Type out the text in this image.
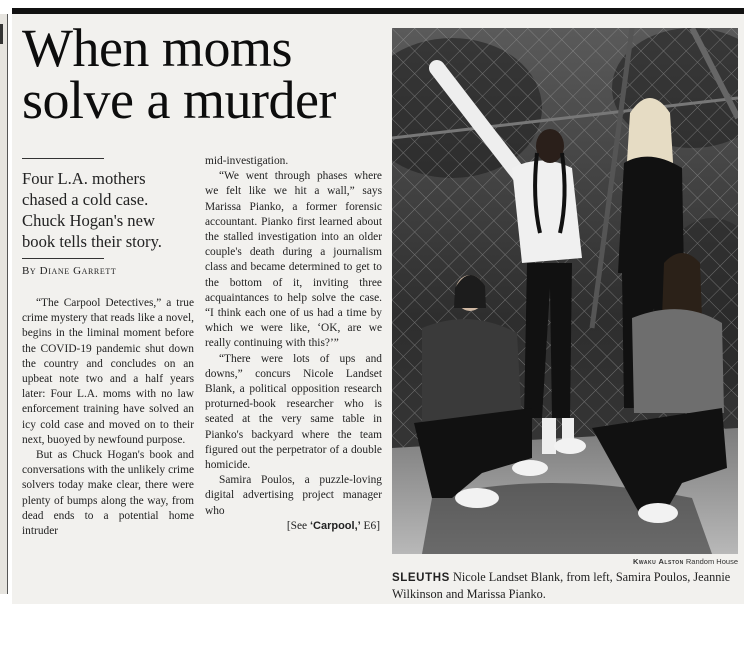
When moms
solve a murder
Four L.A. mothers chased a cold case. Chuck Hogan's new book tells their story.
By Diane Garrett

“The Carpool Detectives,” a true crime mystery that reads like a novel, begins in the liminal moment before the COVID-19 pandemic shut down the country and concludes on an upbeat note two and a half years later: Four L.A. moms with no law enforcement training have solved an icy cold case and moved on to their next, buoyed by newfound purpose.

But as Chuck Hogan's book and conversations with the unlikely crime solvers today make clear, there were plenty of bumps along the way, from dead ends to a potential home intruder

mid-investigation.

“We went through phases where we felt like we hit a wall,” says Marissa Pianko, a former forensic accountant. Pianko first learned about the stalled investigation into an older couple's death during a journalism class and became determined to get to the bottom of it, inviting three acquaintances to help solve the case. “I think each one of us had a time by which we were like, ‘OK, are we really continuing with this?’”

“There were lots of ups and downs,” concurs Nicole Landset Blank, a political opposition research proturned-book researcher who is seated at the very same table in Pianko's backyard where the team figured out the perpetrator of a double homicide.

Samira Poulos, a puzzle-loving digital advertising project manager who

[See ‘Carpool,’ E6]
Kwaku Alston Random House
SLEUTHS Nicole Landset Blank, from left, Samira Poulos, Jeannie Wilkinson and Marissa Pianko.
